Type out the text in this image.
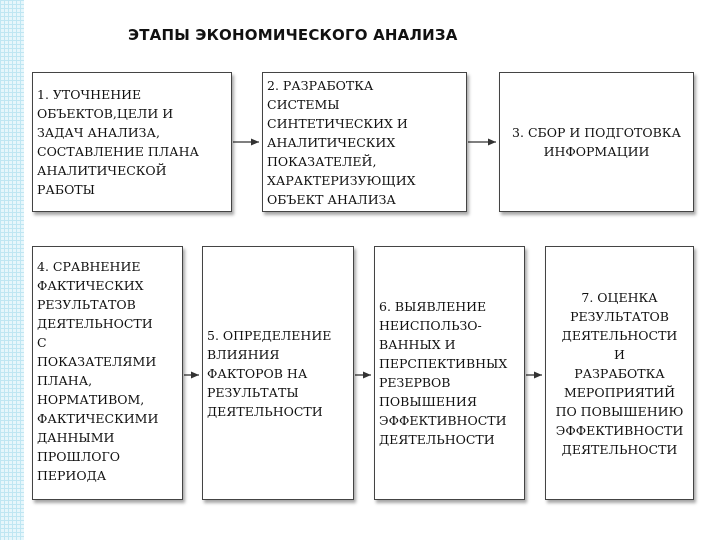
ЭТАПЫ ЭКОНОМИЧЕСКОГО АНАЛИЗА
1. УТОЧНЕНИЕ
ОБЪЕКТОВ,ЦЕЛИ И
ЗАДАЧ АНАЛИЗА,
СОСТАВЛЕНИЕ ПЛАНА
АНАЛИТИЧЕСКОЙ
РАБОТЫ
2. РАЗРАБОТКА
СИСТЕМЫ
СИНТЕТИЧЕСКИХ И
АНАЛИТИЧЕСКИХ
ПОКАЗАТЕЛЕЙ,
ХАРАКТЕРИЗУЮЩИХ
ОБЪЕКТ АНАЛИЗА
3. СБОР И ПОДГОТОВКА
ИНФОРМАЦИИ
4. СРАВНЕНИЕ
ФАКТИЧЕСКИХ
РЕЗУЛЬТАТОВ
ДЕЯТЕЛЬНОСТИ
С
ПОКАЗАТЕЛЯМИ
ПЛАНА,
НОРМАТИВОМ,
ФАКТИЧЕСКИМИ
ДАННЫМИ
ПРОШЛОГО
ПЕРИОДА
5. ОПРЕДЕЛЕНИЕ
ВЛИЯНИЯ
ФАКТОРОВ НА
РЕЗУЛЬТАТЫ
ДЕЯТЕЛЬНОСТИ
6. ВЫЯВЛЕНИЕ
НЕИСПОЛЬЗО-
ВАННЫХ И
ПЕРСПЕКТИВНЫХ
РЕЗЕРВОВ
ПОВЫШЕНИЯ
ЭФФЕКТИВНОСТИ
ДЕЯТЕЛЬНОСТИ
7. ОЦЕНКА
РЕЗУЛЬТАТОВ
ДЕЯТЕЛЬНОСТИ
И
РАЗРАБОТКА
МЕРОПРИЯТИЙ
ПО ПОВЫШЕНИЮ
ЭФФЕКТИВНОСТИ
ДЕЯТЕЛЬНОСТИ
